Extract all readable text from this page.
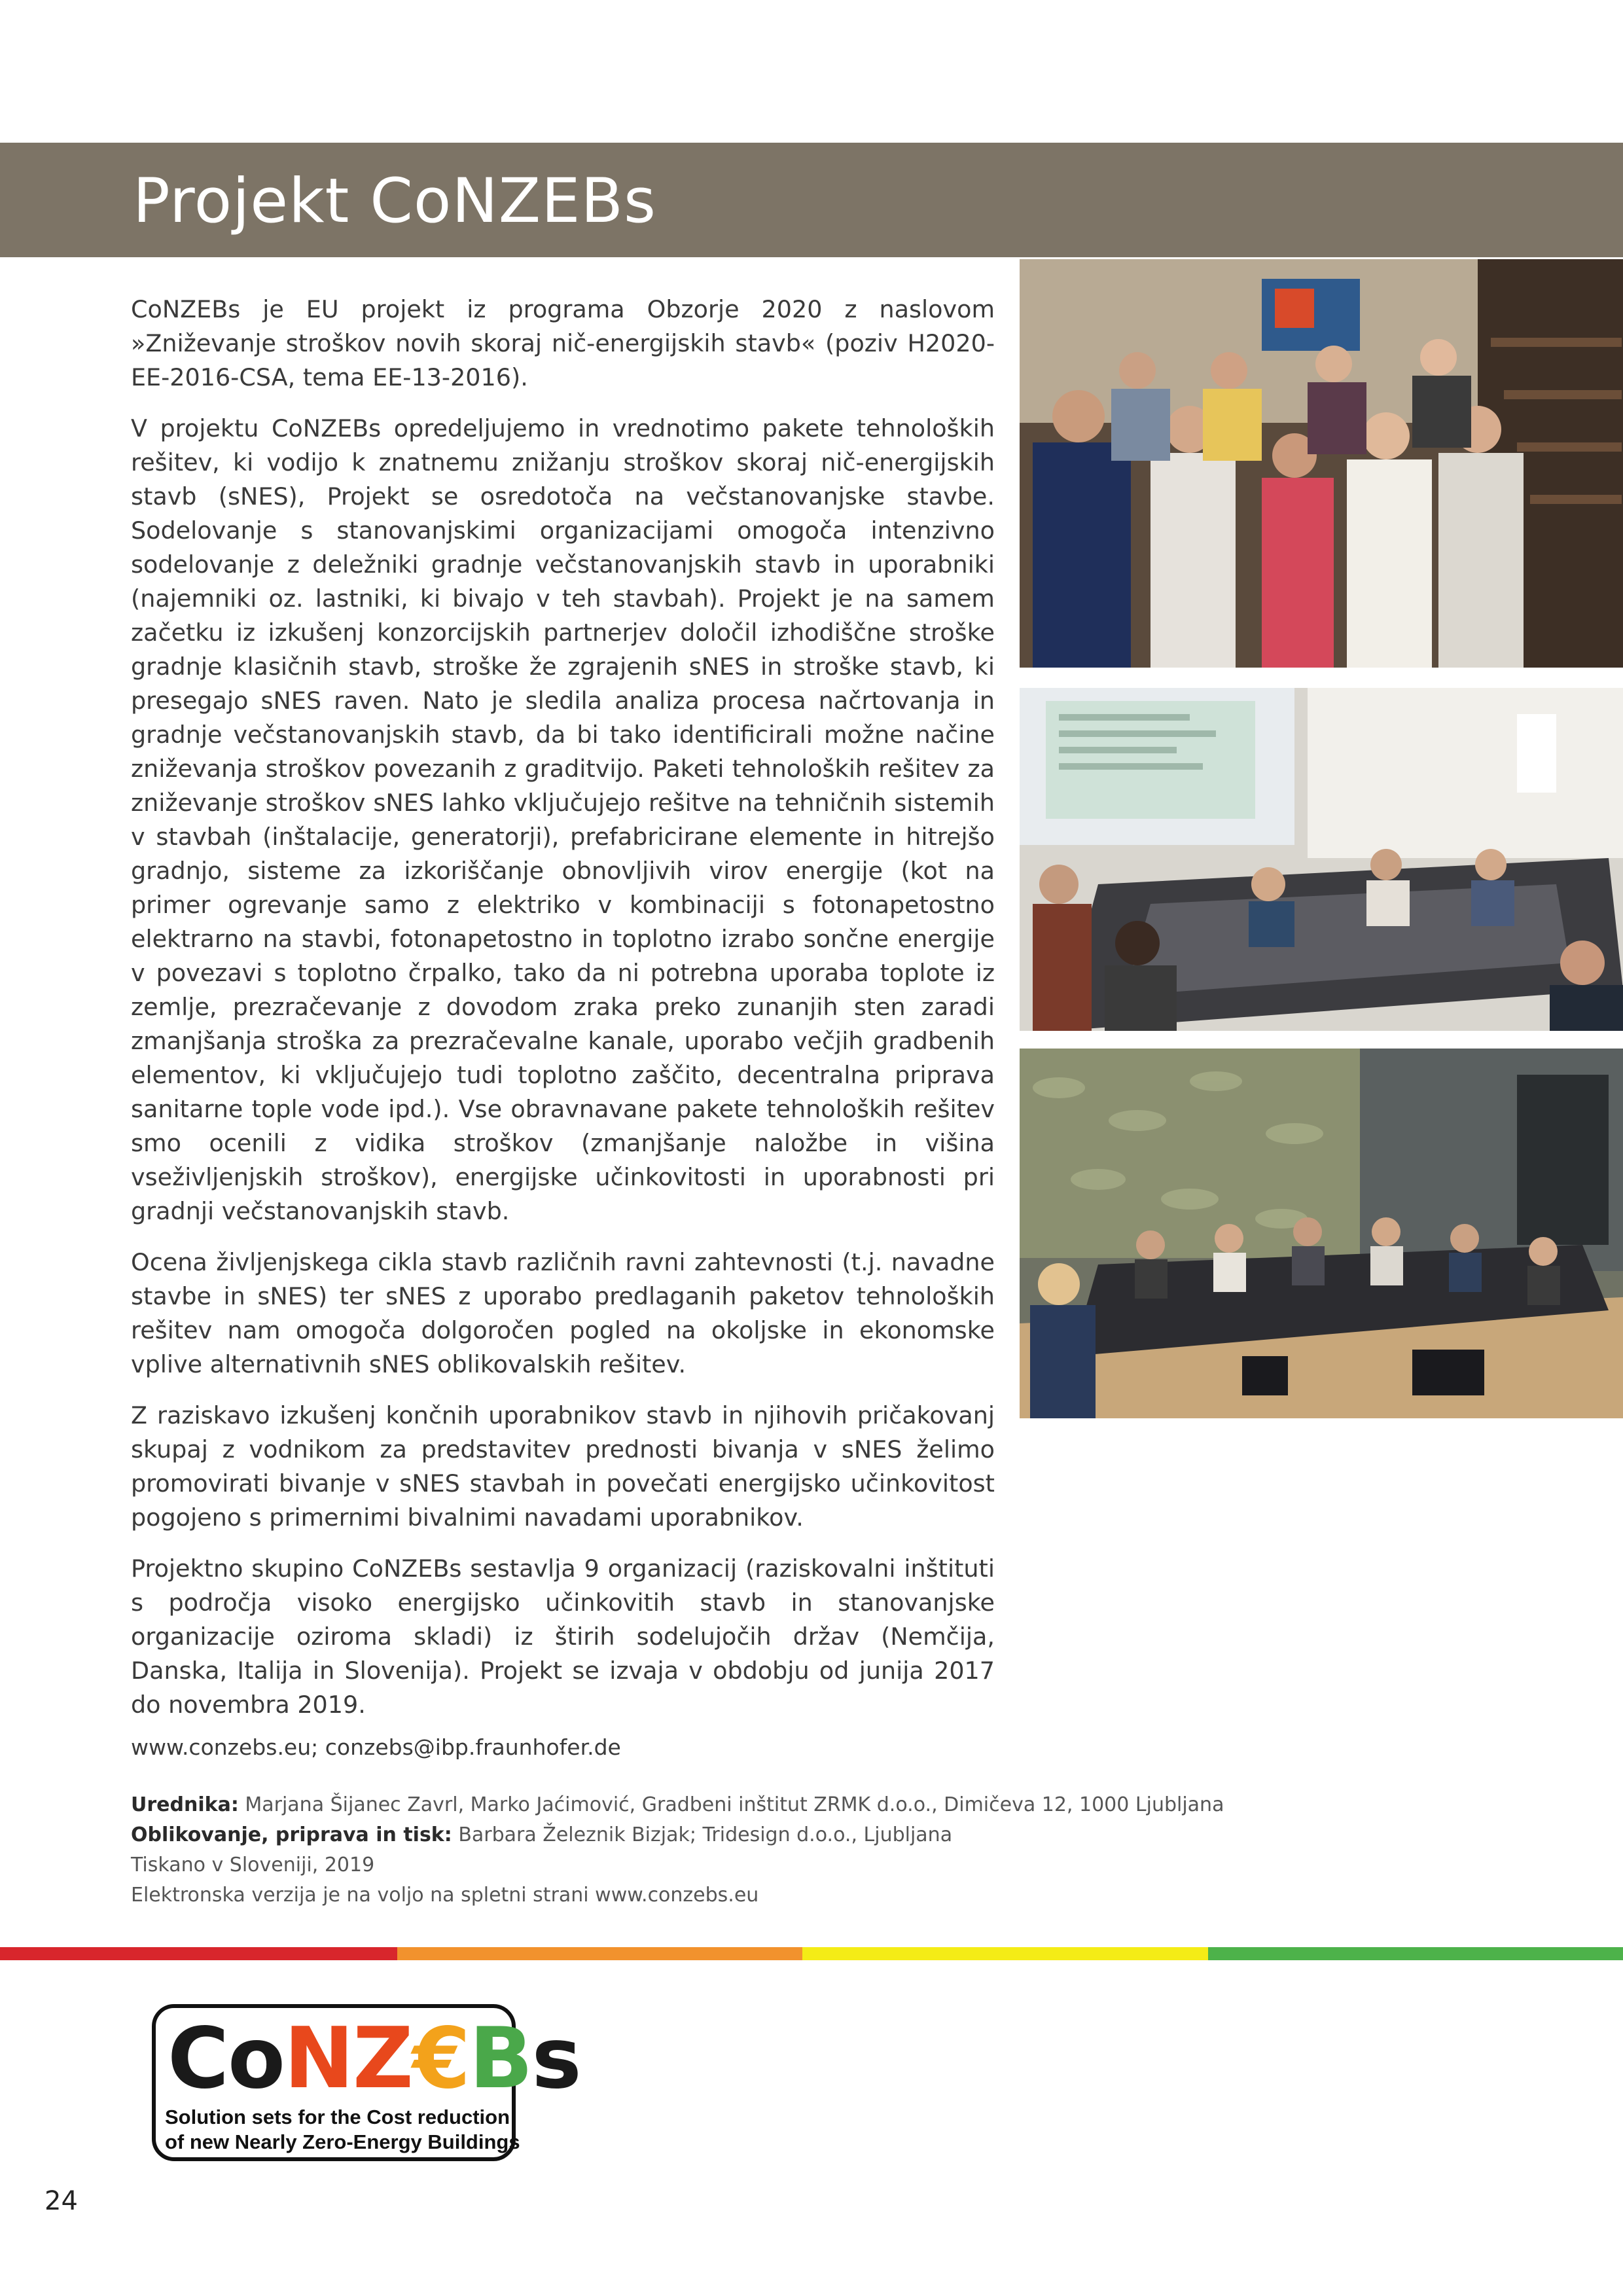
Projekt CoNZEBs

CoNZEBs je EU projekt iz programa Obzorje 2020 z naslovom »Zniževanje stroškov novih skoraj nič-energijskih stavb« (poziv H2020-EE-2016-CSA, tema EE-13-2016).

V projektu CoNZEBs opredeljujemo in vrednotimo pakete tehnoloških rešitev, ki vodijo k znatnemu znižanju stroškov skoraj nič-energijskih stavb (sNES), Projekt se osredotoča na večstanovanjske stavbe. Sodelovanje s stanovanjskimi organizacijami omogoča intenzivno sodelovanje z deležniki gradnje večstanovanjskih stavb in uporabniki (najemniki oz. lastniki, ki bivajo v teh stavbah). Projekt je na samem začetku iz izkušenj konzorcijskih partnerjev določil izhodiščne stroške gradnje klasičnih stavb, stroške že zgrajenih sNES in stroške stavb, ki presegajo sNES raven. Nato je sledila analiza procesa načrtovanja in gradnje večstanovanjskih stavb, da bi tako identificirali možne načine zniževanja stroškov povezanih z graditvijo. Paketi tehnoloških rešitev za zniževanje stroškov sNES lahko vključujejo rešitve na tehničnih sistemih v stavbah (inštalacije, generatorji), prefabricirane elemente in hitrejšo gradnjo, sisteme za izkoriščanje obnovljivih virov energije (kot na primer ogrevanje samo z elektriko v kombinaciji s fotonapetostno elektrarno na stavbi, fotonapetostno in toplotno izrabo sončne energije v povezavi s toplotno črpalko, tako da ni potrebna uporaba toplote iz zemlje, prezračevanje z dovodom zraka preko zunanjih sten zaradi zmanjšanja stroška za prezračevalne kanale, uporabo večjih gradbenih elementov, ki vključujejo tudi toplotno zaščito, decentralna priprava sanitarne tople vode ipd.). Vse obravnavane pakete tehnoloških rešitev smo ocenili z vidika stroškov (zmanjšanje naložbe in višina vseživljenjskih stroškov), energijske učinkovitosti in uporabnosti pri gradnji večstanovanjskih stavb.

Ocena življenjskega cikla stavb različnih ravni zahtevnosti (t.j. navadne stavbe in sNES) ter sNES z uporabo predlaganih paketov tehnoloških rešitev nam omogoča dolgoročen pogled na okoljske in ekonomske vplive alternativnih sNES oblikovalskih rešitev.

Z raziskavo izkušenj končnih uporabnikov stavb in njihovih pričakovanj skupaj z vodnikom za predstavitev prednosti bivanja v sNES želimo promovirati bivanje v sNES stavbah in povečati energijsko učinkovitost pogojeno s primernimi bivalnimi navadami uporabnikov.

Projektno skupino CoNZEBs sestavlja 9 organizacij (raziskovalni inštituti s področja visoko energijsko učinkovitih stavb in stanovanjske organizacije oziroma skladi) iz štirih sodelujočih držav (Nemčija, Danska, Italija in Slovenija). Projekt se izvaja v obdobju od junija 2017 do novembra 2019.

www.conzebs.eu; conzebs@ibp.fraunhofer.de
Urednika: Marjana Šijanec Zavrl, Marko Jaćimović, Gradbeni inštitut ZRMK d.o.o., Dimičeva 12, 1000 Ljubljana
Oblikovanje, priprava in tisk: Barbara Železnik Bizjak; Tridesign d.o.o., Ljubljana
Tiskano v Sloveniji, 2019
Elektronska verzija je na voljo na spletni strani www.conzebs.eu
CoNZ€Bs
Solution sets for the Cost reduction
of new Nearly Zero-Energy Buildings
24
